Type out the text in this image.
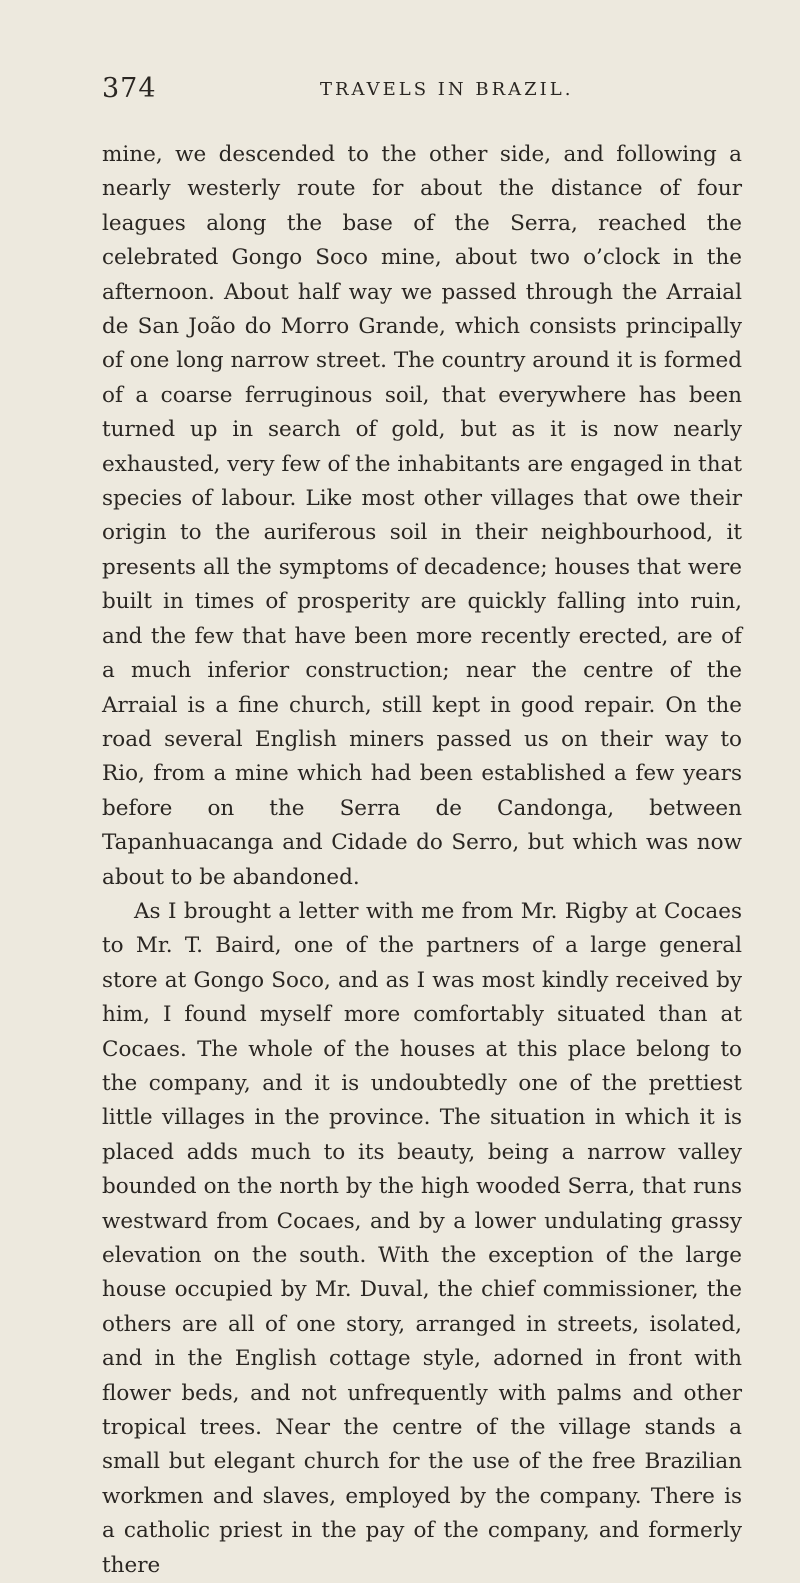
374	TRAVELS IN BRAZIL.

mine, we descended to the other side, and following a nearly westerly route for about the distance of four leagues along the base of the Serra, reached the celebrated Gongo Soco mine, about two o’clock in the afternoon. About half way we passed through the Arraial de San João do Morro Grande, which consists principally of one long narrow street. The country around it is formed of a coarse ferruginous soil, that everywhere has been turned up in search of gold, but as it is now nearly exhausted, very few of the inhabitants are engaged in that species of labour. Like most other villages that owe their origin to the auriferous soil in their neighbourhood, it presents all the symptoms of decadence; houses that were built in times of prosperity are quickly falling into ruin, and the few that have been more recently erected, are of a much inferior construction; near the centre of the Arraial is a fine church, still kept in good repair. On the road several English miners passed us on their way to Rio, from a mine which had been established a few years before on the Serra de Candonga, between Tapanhuacanga and Cidade do Serro, but which was now about to be abandoned.

As I brought a letter with me from Mr. Rigby at Cocaes to Mr. T. Baird, one of the partners of a large general store at Gongo Soco, and as I was most kindly received by him, I found myself more comfortably situated than at Cocaes. The whole of the houses at this place belong to the company, and it is undoubtedly one of the prettiest little villages in the province. The situation in which it is placed adds much to its beauty, being a narrow valley bounded on the north by the high wooded Serra, that runs westward from Cocaes, and by a lower undulating grassy elevation on the south. With the exception of the large house occupied by Mr. Duval, the chief commissioner, the others are all of one story, arranged in streets, isolated, and in the English cottage style, adorned in front with flower beds, and not unfrequently with palms and other tropical trees. Near the centre of the village stands a small but elegant church for the use of the free Brazilian workmen and slaves, employed by the company. There is a catholic priest in the pay of the company, and formerly there
